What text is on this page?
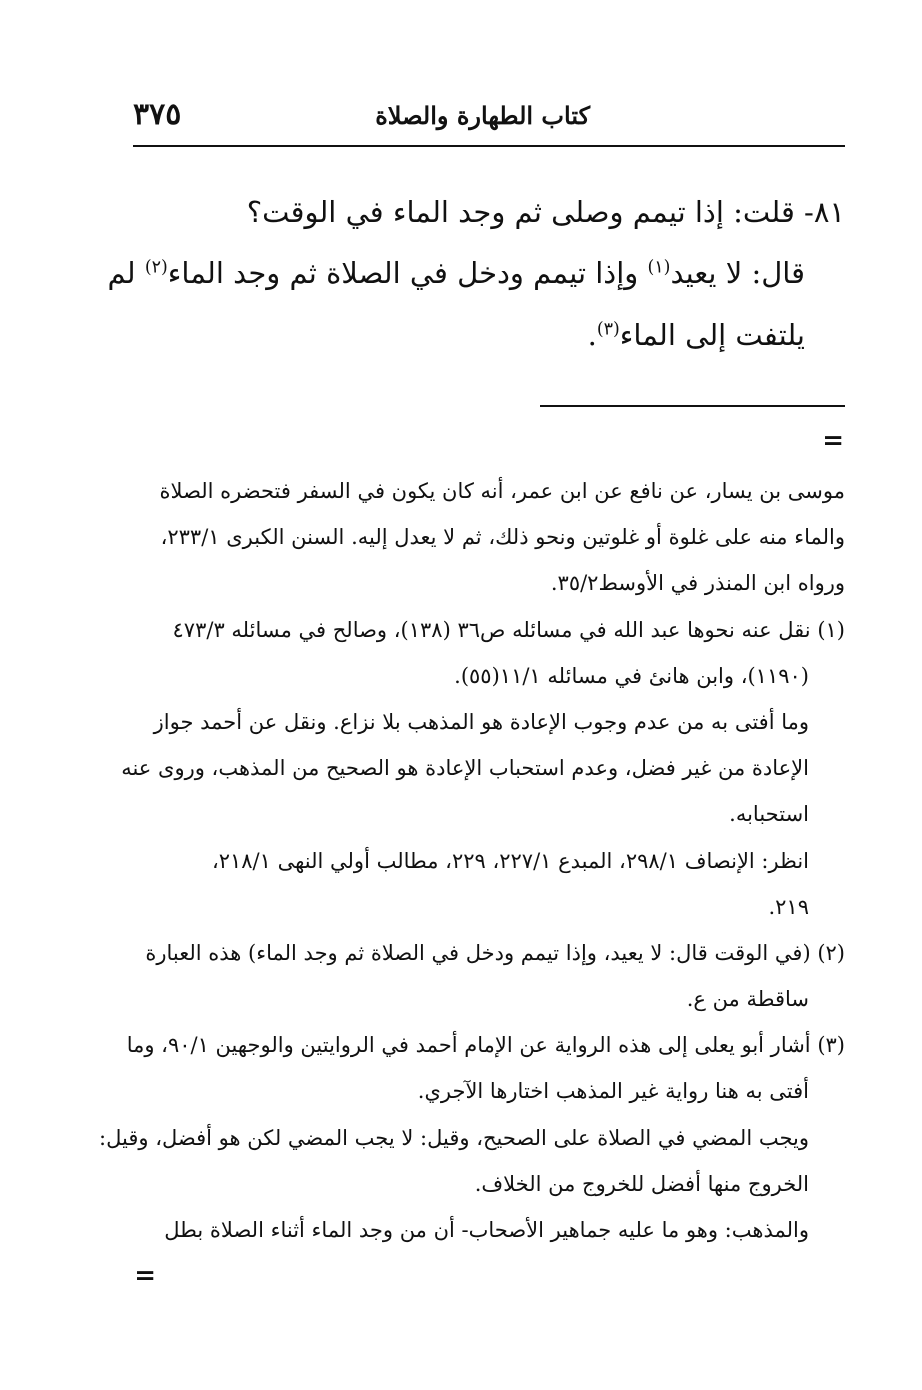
كتاب الطهارة والصلاة
٣٧٥

٨١- قلت: إذا تيمم وصلى ثم وجد الماء في الوقت؟

قال: لا يعيد$^{(١)}$ وإذا تيمم ودخل في الصلاة ثم وجد الماء$^{(٢)}$ لم

يلتفت إلى الماء$^{(٣)}$.

=

موسى بن يسار، عن نافع عن ابن عمر، أنه كان يكون في السفر فتحضره الصلاة

والماء منه على غلوة أو غلوتين ونحو ذلك، ثم لا يعدل إليه. السنن الكبرى ٢٣٣/١،

ورواه ابن المنذر في الأوسط٣٥/٢.

(١) نقل عنه نحوها عبد الله في مسائله ص٣٦ (١٣٨)، وصالح في مسائله ٤٧٣/٣

(١١٩٠)، وابن هانئ في مسائله ١١/١(٥٥).

وما أفتى به من عدم وجوب الإعادة هو المذهب بلا نزاع. ونقل عن أحمد جواز

الإعادة من غير فضل، وعدم استحباب الإعادة هو الصحيح من المذهب، وروى عنه

استحبابه.

انظر: الإنصاف ٢٩٨/١، المبدع ٢٢٧/١، ٢٢٩، مطالب أولي النهى ٢١٨/١،

٢١٩.

(٢) (في الوقت قال: لا يعيد، وإذا تيمم ودخل في الصلاة ثم وجد الماء) هذه العبارة

ساقطة من ع.

(٣) أشار أبو يعلى إلى هذه الرواية عن الإمام أحمد في الروايتين والوجهين ٩٠/١، وما

أفتى به هنا رواية غير المذهب اختارها الآجري.

ويجب المضي في الصلاة على الصحيح، وقيل: لا يجب المضي لكن هو أفضل، وقيل:

الخروج منها أفضل للخروج من الخلاف.

والمذهب: وهو ما عليه جماهير الأصحاب- أن من وجد الماء أثناء الصلاة بطل

=
